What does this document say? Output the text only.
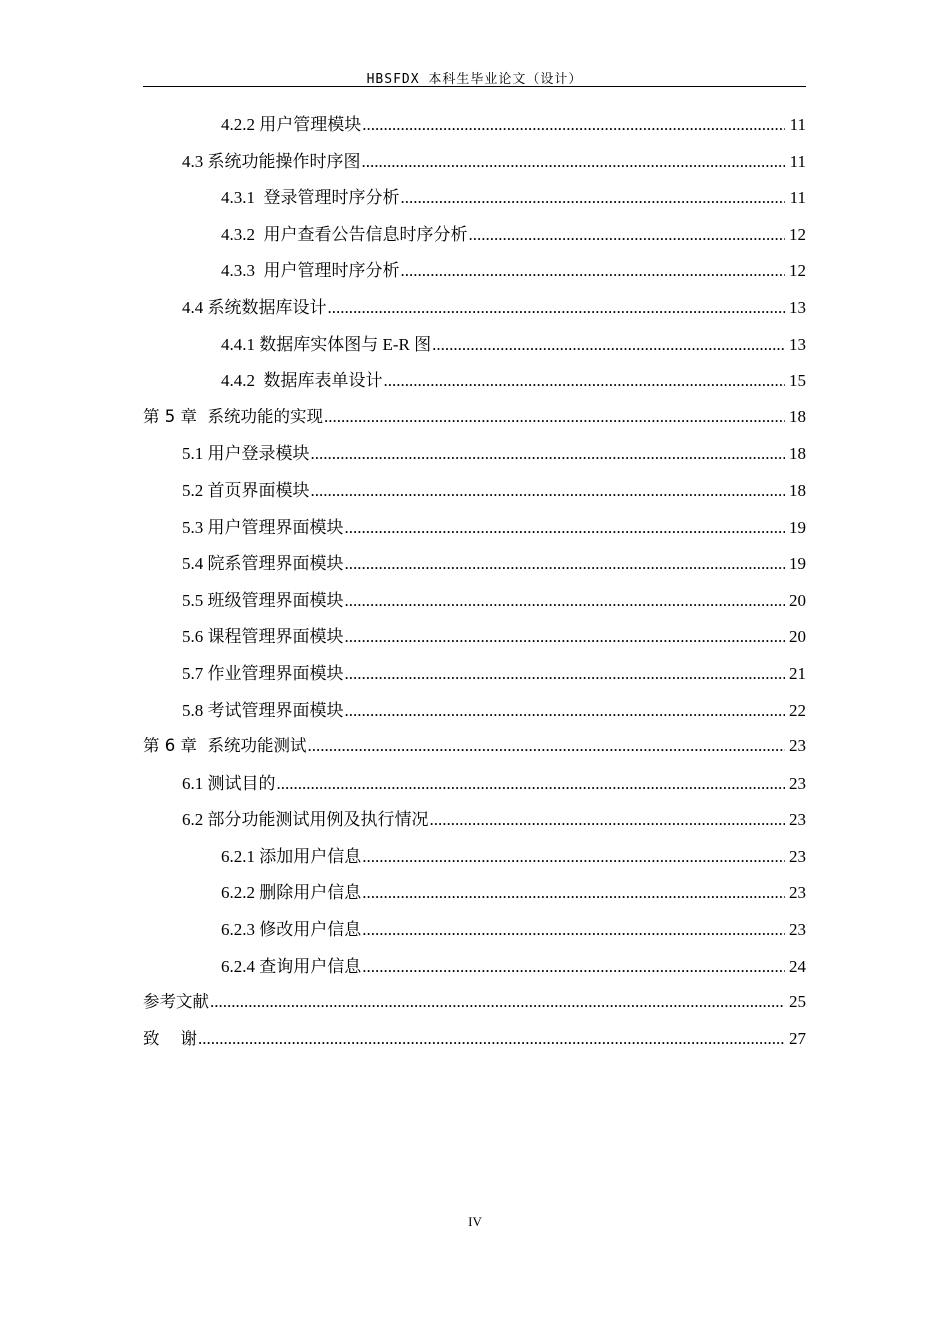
HBSFDX 本科生毕业论文（设计）
4.2.2 用户管理模块 .....	11
4.3 系统功能操作时序图 .....	11
4.3.1  登录管理时序分析 .....	11
4.3.2  用户查看公告信息时序分析 .....	12
4.3.3  用户管理时序分析 .....	12
4.4 系统数据库设计 .....	13
4.4.1 数据库实体图与 E-R 图 .....	13
4.4.2  数据库表单设计 .....	15
第 5 章  系统功能的实现 .....	18
5.1 用户登录模块 .....	18
5.2 首页界面模块 .....	18
5.3 用户管理界面模块 .....	19
5.4 院系管理界面模块 .....	19
5.5 班级管理界面模块 .....	20
5.6 课程管理界面模块 .....	20
5.7 作业管理界面模块 .....	21
5.8 考试管理界面模块 .....	22
第 6 章  系统功能测试 .....	23
6.1 测试目的 .....	23
6.2 部分功能测试用例及执行情况 .....	23
6.2.1 添加用户信息 .....	23
6.2.2 删除用户信息 .....	23
6.2.3 修改用户信息 .....	23
6.2.4 查询用户信息 .....	24
参考文献 .....	25
致    谢 .....	27
IV
